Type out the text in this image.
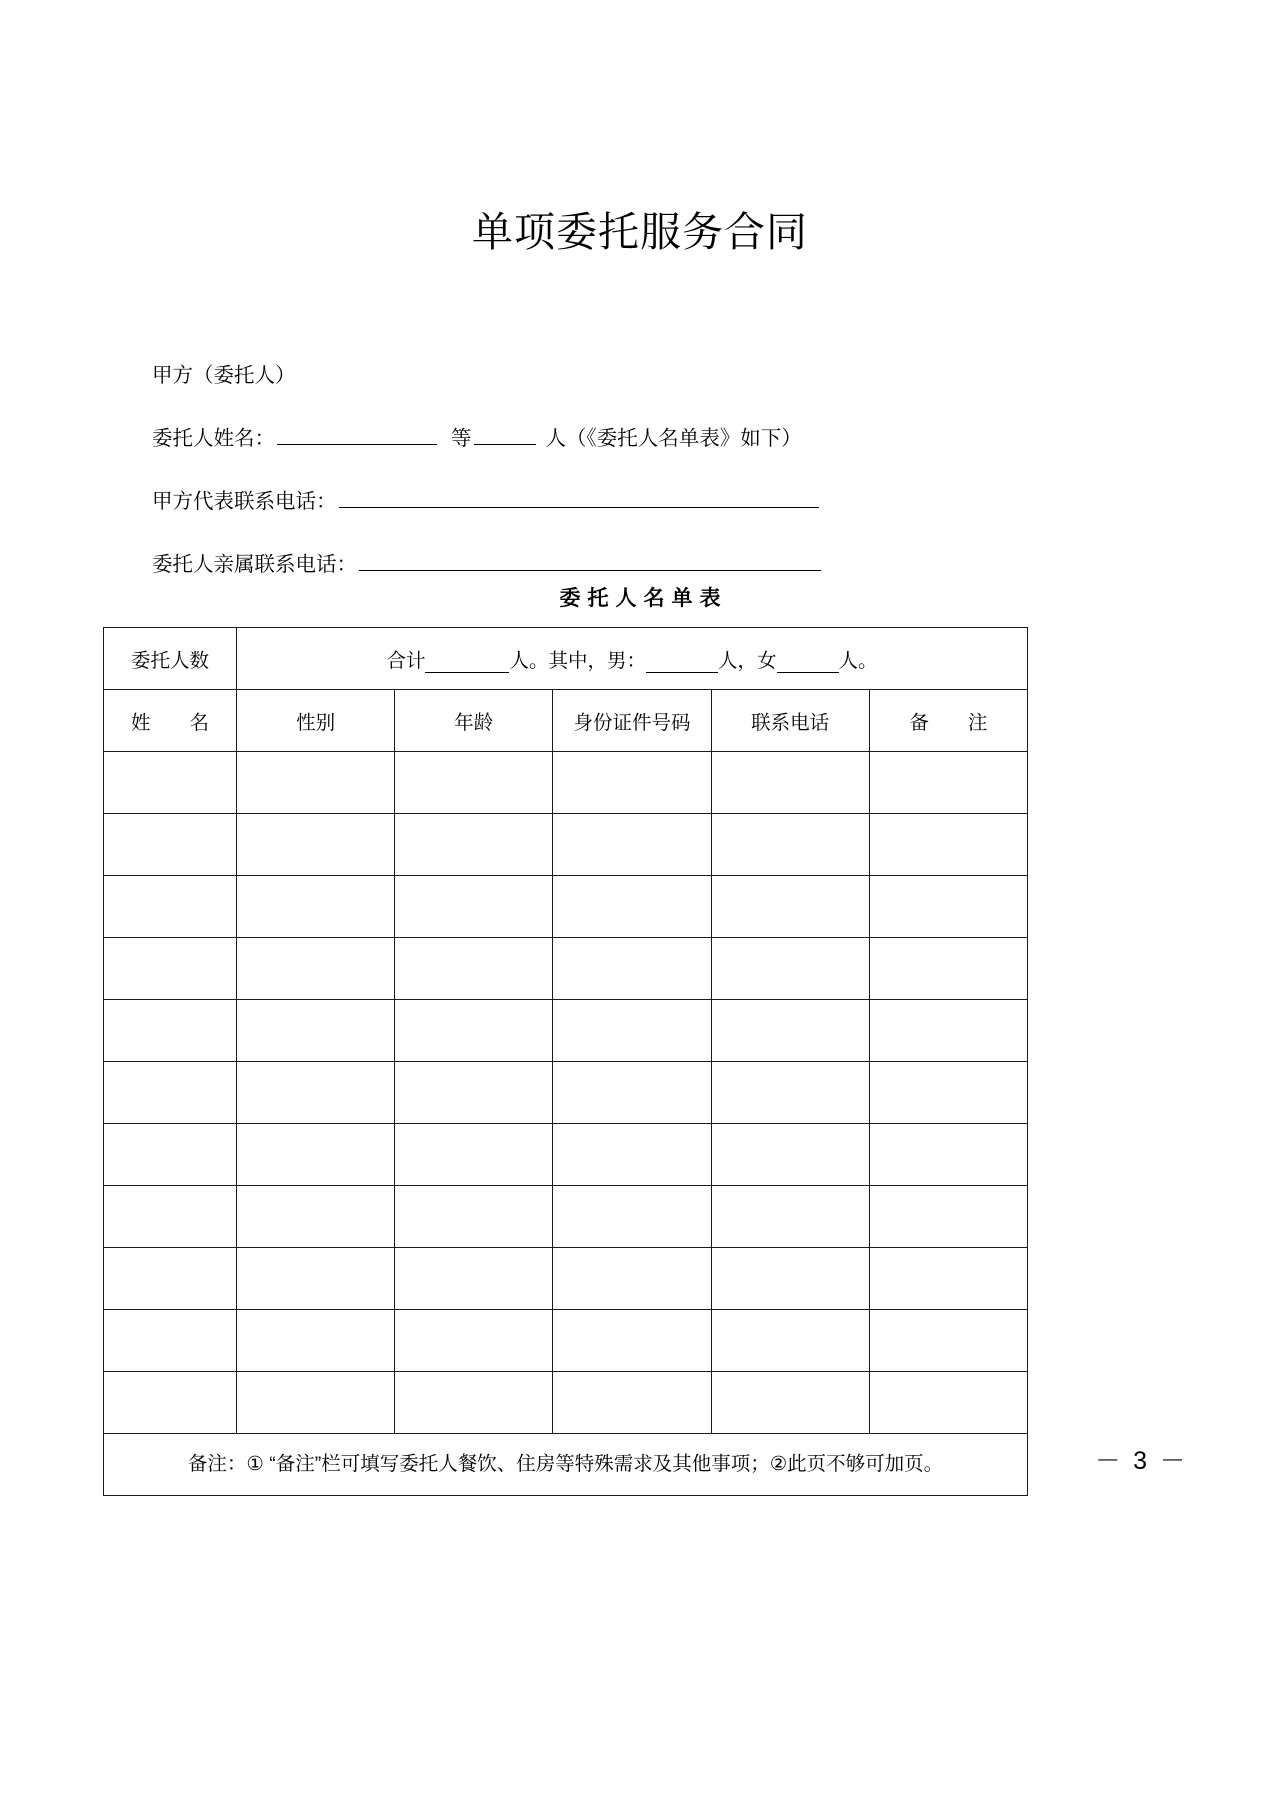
单项委托服务合同
甲方（委托人）
委托人姓名：	等	人（《委托人名单表》如下）
甲方代表联系电话：
委托人亲属联系电话：
委托人名单表
委托人数	合计 人。其中，男： 人，女 人。				
姓　　名	性别	年龄	身份证件号码	联系电话	备　　注

备注：① “备注”栏可填写委托人餐饮、住房等特殊需求及其他事项；②此页不够可加页。						－ 3 －
